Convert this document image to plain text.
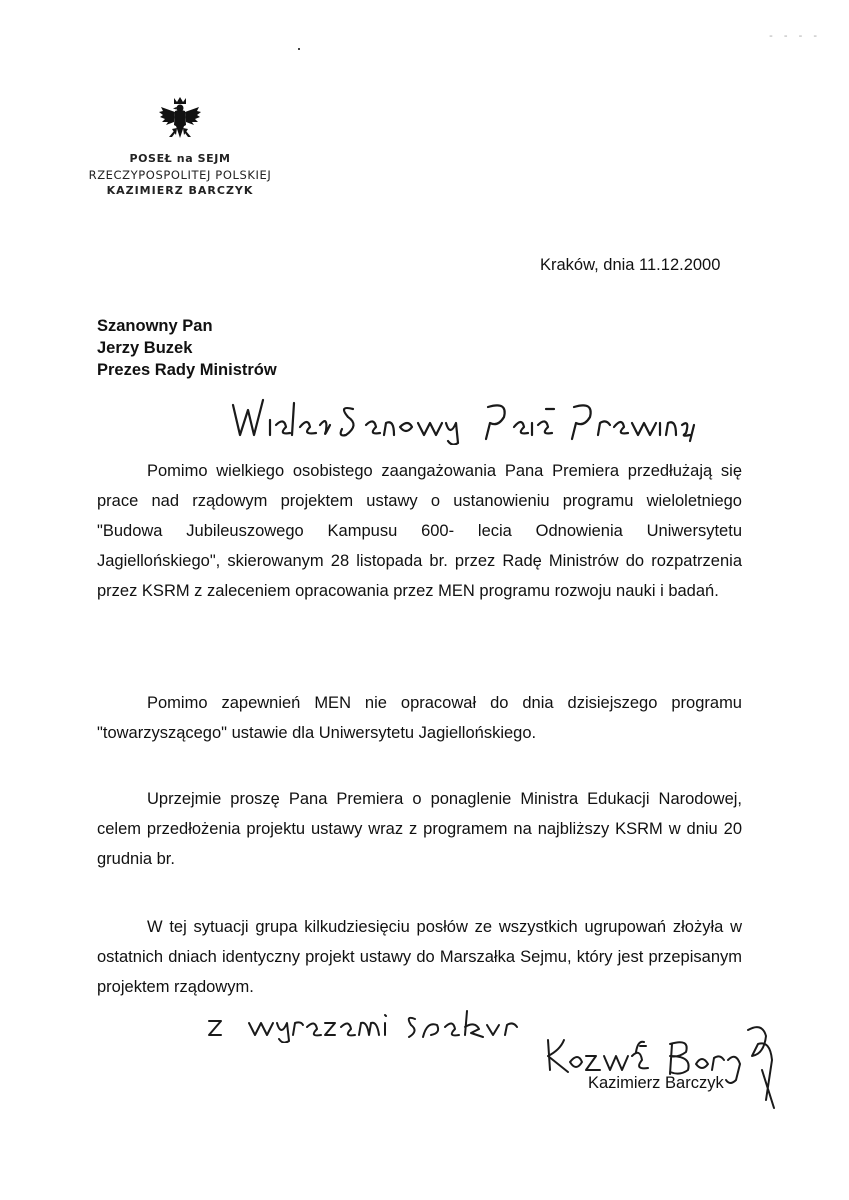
- - - -
POSEŁ na SEJM
RZECZYPOSPOLITEJ POLSKIEJ
KAZIMIERZ BARCZYK
Kraków, dnia 11.12.2000
Szanowny Pan
Jerzy Buzek
Prezes Rady Ministrów

Pomimo wielkiego osobistego zaangażowania Pana Premiera przedłużają się prace nad rządowym projektem ustawy o ustanowieniu programu wieloletniego "Budowa Jubileuszowego Kampusu 600- lecia Odnowienia Uniwersytetu Jagiellońskiego", skierowanym 28 listopada br. przez Radę Ministrów do rozpatrzenia przez KSRM z zaleceniem opracowania przez MEN programu rozwoju nauki i badań.

Pomimo zapewnień MEN nie opracował do dnia dzisiejszego programu "towarzyszącego" ustawie dla Uniwersytetu Jagiellońskiego.

Uprzejmie proszę Pana Premiera o ponaglenie Ministra Edukacji Narodowej, celem przedłożenia projektu ustawy wraz z programem na najbliższy KSRM w dniu 20 grudnia br.

W tej sytuacji grupa kilkudziesięciu posłów ze wszystkich ugrupowań złożyła w ostatnich dniach identyczny projekt ustawy do Marszałka Sejmu, który jest przepisanym projektem rządowym.

Kazimierz Barczyk
